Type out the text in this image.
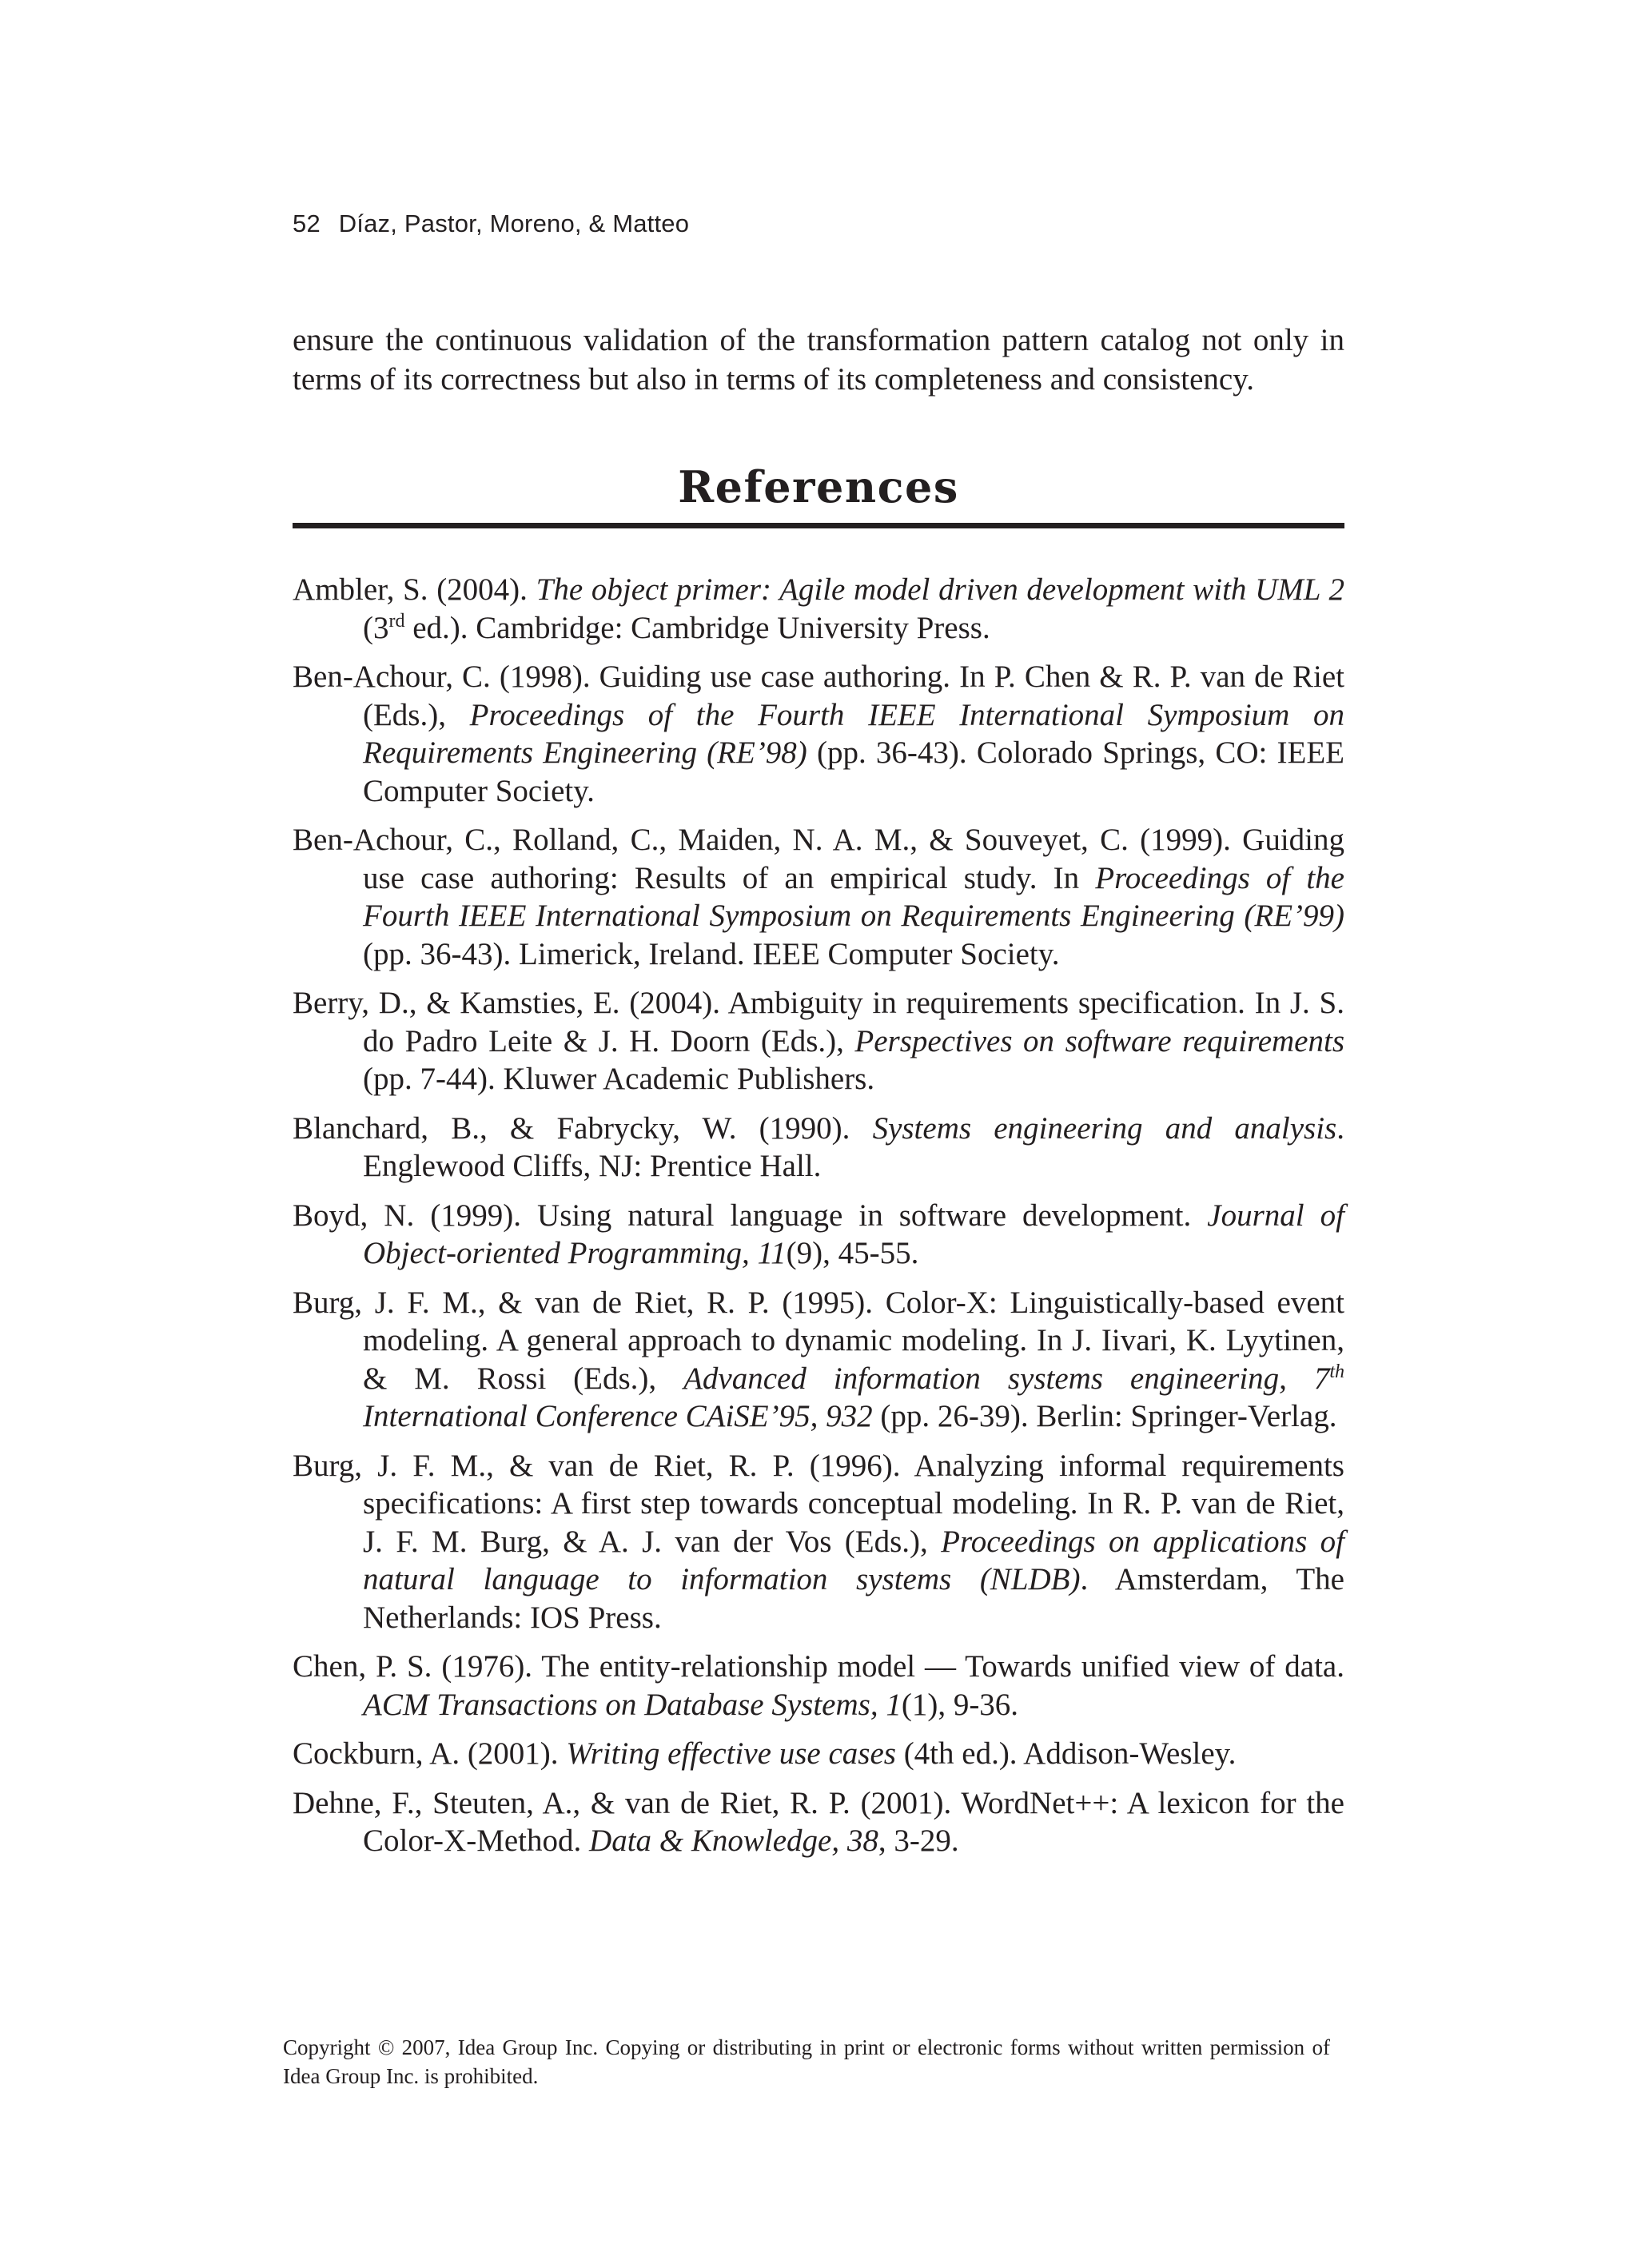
52 Díaz, Pastor, Moreno, & Matteo

ensure the continuous validation of the transformation pattern catalog not only in terms of its correctness but also in terms of its completeness and consistency.

References
Ambler, S. (2004). The object primer: Agile model driven development with UML 2 (3rd ed.). Cambridge: Cambridge University Press.
Ben-Achour, C. (1998). Guiding use case authoring. In P. Chen & R. P. van de Riet (Eds.), Proceedings of the Fourth IEEE International Symposium on Requirements Engineering (RE’98) (pp. 36-43). Colorado Springs, CO: IEEE Computer Society.
Ben-Achour, C., Rolland, C., Maiden, N. A. M., & Souveyet, C. (1999). Guiding use case authoring: Results of an empirical study. In Proceedings of the Fourth IEEE International Symposium on Requirements Engineering (RE’99) (pp. 36-43). Limerick, Ireland. IEEE Computer Society.
Berry, D., & Kamsties, E. (2004). Ambiguity in requirements specification. In J. S. do Padro Leite & J. H. Doorn (Eds.), Perspectives on software requirements (pp. 7-44). Kluwer Academic Publishers.
Blanchard, B., & Fabrycky, W. (1990). Systems engineering and analysis. Englewood Cliffs, NJ: Prentice Hall.
Boyd, N. (1999). Using natural language in software development. Journal of Object-oriented Programming, 11(9), 45-55.
Burg, J. F. M., & van de Riet, R. P. (1995). Color-X: Linguistically-based event modeling. A general approach to dynamic modeling. In J. Iivari, K. Lyytinen, & M. Rossi (Eds.), Advanced information systems engineering, 7th International Conference CAiSE’95, 932 (pp. 26-39). Berlin: Springer-Verlag.
Burg, J. F. M., & van de Riet, R. P. (1996). Analyzing informal requirements specifications: A first step towards conceptual modeling. In R. P. van de Riet, J. F. M. Burg, & A. J. van der Vos (Eds.), Proceedings on applications of natural language to information systems (NLDB). Amsterdam, The Netherlands: IOS Press.
Chen, P. S. (1976). The entity-relationship model — Towards unified view of data. ACM Transactions on Database Systems, 1(1), 9-36.
Cockburn, A. (2001). Writing effective use cases (4th ed.). Addison-Wesley.
Dehne, F., Steuten, A., & van de Riet, R. P. (2001). WordNet++: A lexicon for the Color-X-Method. Data & Knowledge, 38, 3-29.

Copyright © 2007, Idea Group Inc. Copying or distributing in print or electronic forms without written permission of Idea Group Inc. is prohibited.
